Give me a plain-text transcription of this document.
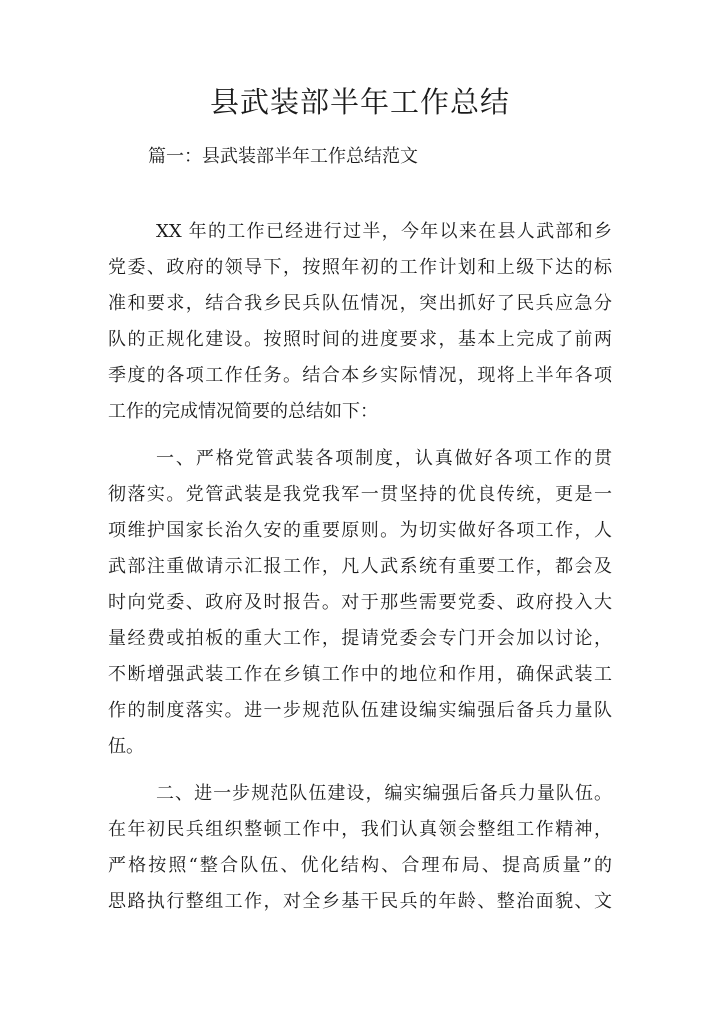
县武装部半年工作总结

篇一：县武装部半年工作总结范文

XX 年的工作已经进行过半，今年以来在县人武部和乡

党委、政府的领导下，按照年初的工作计划和上级下达的标

准和要求，结合我乡民兵队伍情况，突出抓好了民兵应急分

队的正规化建设。按照时间的进度要求，基本上完成了前两

季度的各项工作任务。结合本乡实际情况，现将上半年各项

工作的完成情况简要的总结如下：

一、严格党管武装各项制度，认真做好各项工作的贯

彻落实。党管武装是我党我军一贯坚持的优良传统，更是一

项维护国家长治久安的重要原则。为切实做好各项工作，人

武部注重做请示汇报工作，凡人武系统有重要工作，都会及

时向党委、政府及时报告。对于那些需要党委、政府投入大

量经费或拍板的重大工作，提请党委会专门开会加以讨论，

不断增强武装工作在乡镇工作中的地位和作用，确保武装工

作的制度落实。进一步规范队伍建设编实编强后备兵力量队

伍。

二、进一步规范队伍建设，编实编强后备兵力量队伍。

在年初民兵组织整顿工作中，我们认真领会整组工作精神，

严格按照“整合队伍、优化结构、合理布局、提高质量”的

思路执行整组工作，对全乡基干民兵的年龄、整治面貌、文
